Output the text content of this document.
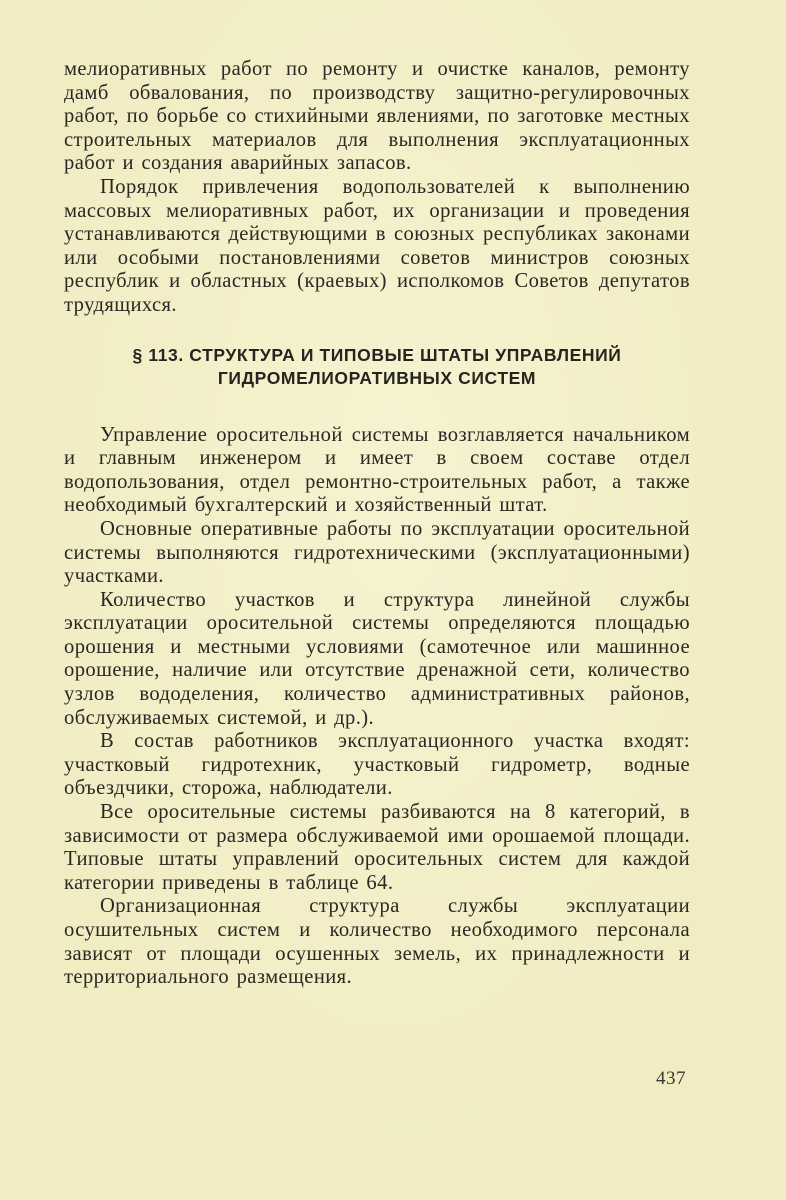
мелиоративных работ по ремонту и очистке каналов, ремонту дамб обвалования, по производству защитно-регулировочных работ, по борьбе со стихийными явлениями, по заготовке местных строительных материалов для выполнения эксплуатационных работ и создания аварийных запасов.

Порядок привлечения водопользователей к выполнению массовых мелиоративных работ, их организации и проведения устанавливаются действующими в союзных республиках законами или особыми постановлениями советов министров союзных республик и областных (краевых) исполкомов Советов депутатов трудящихся.

§ 113. СТРУКТУРА И ТИПОВЫЕ ШТАТЫ УПРАВЛЕНИЙ
ГИДРОМЕЛИОРАТИВНЫХ СИСТЕМ

Управление оросительной системы возглавляется начальником и главным инженером и имеет в своем составе отдел водопользования, отдел ремонтно-строительных работ, а также необходимый бухгалтерский и хозяйственный штат.

Основные оперативные работы по эксплуатации оросительной системы выполняются гидротехническими (эксплуатационными) участками.

Количество участков и структура линейной службы эксплуатации оросительной системы определяются площадью орошения и местными условиями (самотечное или машинное орошение, наличие или отсутствие дренажной сети, количество узлов вододеления, количество административных районов, обслуживаемых системой, и др.).

В состав работников эксплуатационного участка входят: участковый гидротехник, участковый гидрометр, водные объездчики, сторожа, наблюдатели.

Все оросительные системы разбиваются на 8 категорий, в зависимости от размера обслуживаемой ими орошаемой площади. Типовые штаты управлений оросительных систем для каждой категории приведены в таблице 64.

Организационная структура службы эксплуатации осушительных систем и количество необходимого персонала зависят от площади осушенных земель, их принадлежности и территориального размещения.

437
